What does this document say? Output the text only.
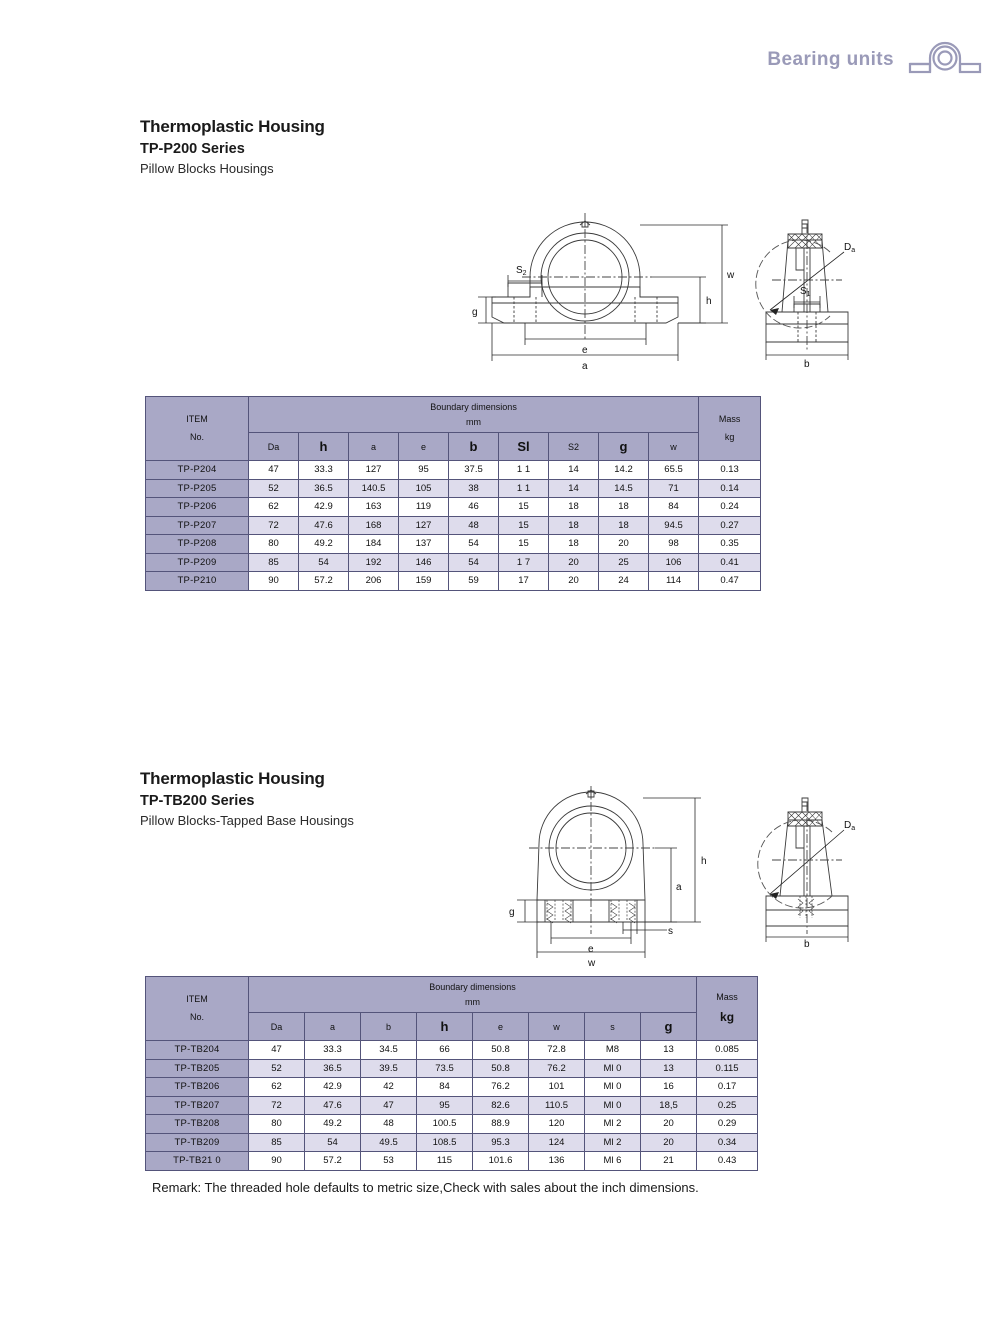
Bearing units

Thermoplastic Housing

TP-P200 Series

Pillow Blocks Housings

$S_2$
g
e
a
h
w
$D_a$
$S_1$
b
ITEM
No.	Boundary dimensions
mm									Mass

kg

	Da	h	a	e	b	Sl	S2	g	w	
TP-P204	47	33.3	127	95	37.5	1 1	14	14.2	65.5	0.13
TP-P205	52	36.5	140.5	105	38	1 1	14	14.5	71	0.14
TP-P206	62	42.9	163	119	46	15	18	18	84	0.24
TP-P207	72	47.6	168	127	48	15	18	18	94.5	0.27
TP-P208	80	49.2	184	137	54	15	18	20	98	0.35
TP-P209	85	54	192	146	54	1 7	20	25	106	0.41
TP-P210	90	57.2	206	159	59	17	20	24	114	0.47

Thermoplastic Housing

TP-TB200 Series

Pillow Blocks-Tapped Base Housings

g
e
s
w
a
h
$D_a$
b
ITEM
No.	Boundary dimensions
mm								Mass

kg

	Da	a	b	h	e	w	s	g	
TP-TB204	47	33.3	34.5	66	50.8	72.8	M8	13	0.085
TP-TB205	52	36.5	39.5	73.5	50.8	76.2	Ml 0	13	0.115
TP-TB206	62	42.9	42	84	76.2	101	Ml 0	16	0.17
TP-TB207	72	47.6	47	95	82.6	110.5	Ml 0	18,5	0.25
TP-TB208	80	49.2	48	100.5	88.9	120	Ml 2	20	0.29
TP-TB209	85	54	49.5	108.5	95.3	124	Ml 2	20	0.34
TP-TB21 0	90	57.2	53	115	101.6	136	Ml 6	21	0.43
Remark: The threaded hole defaults to metric size,Check with sales about the inch dimensions.
